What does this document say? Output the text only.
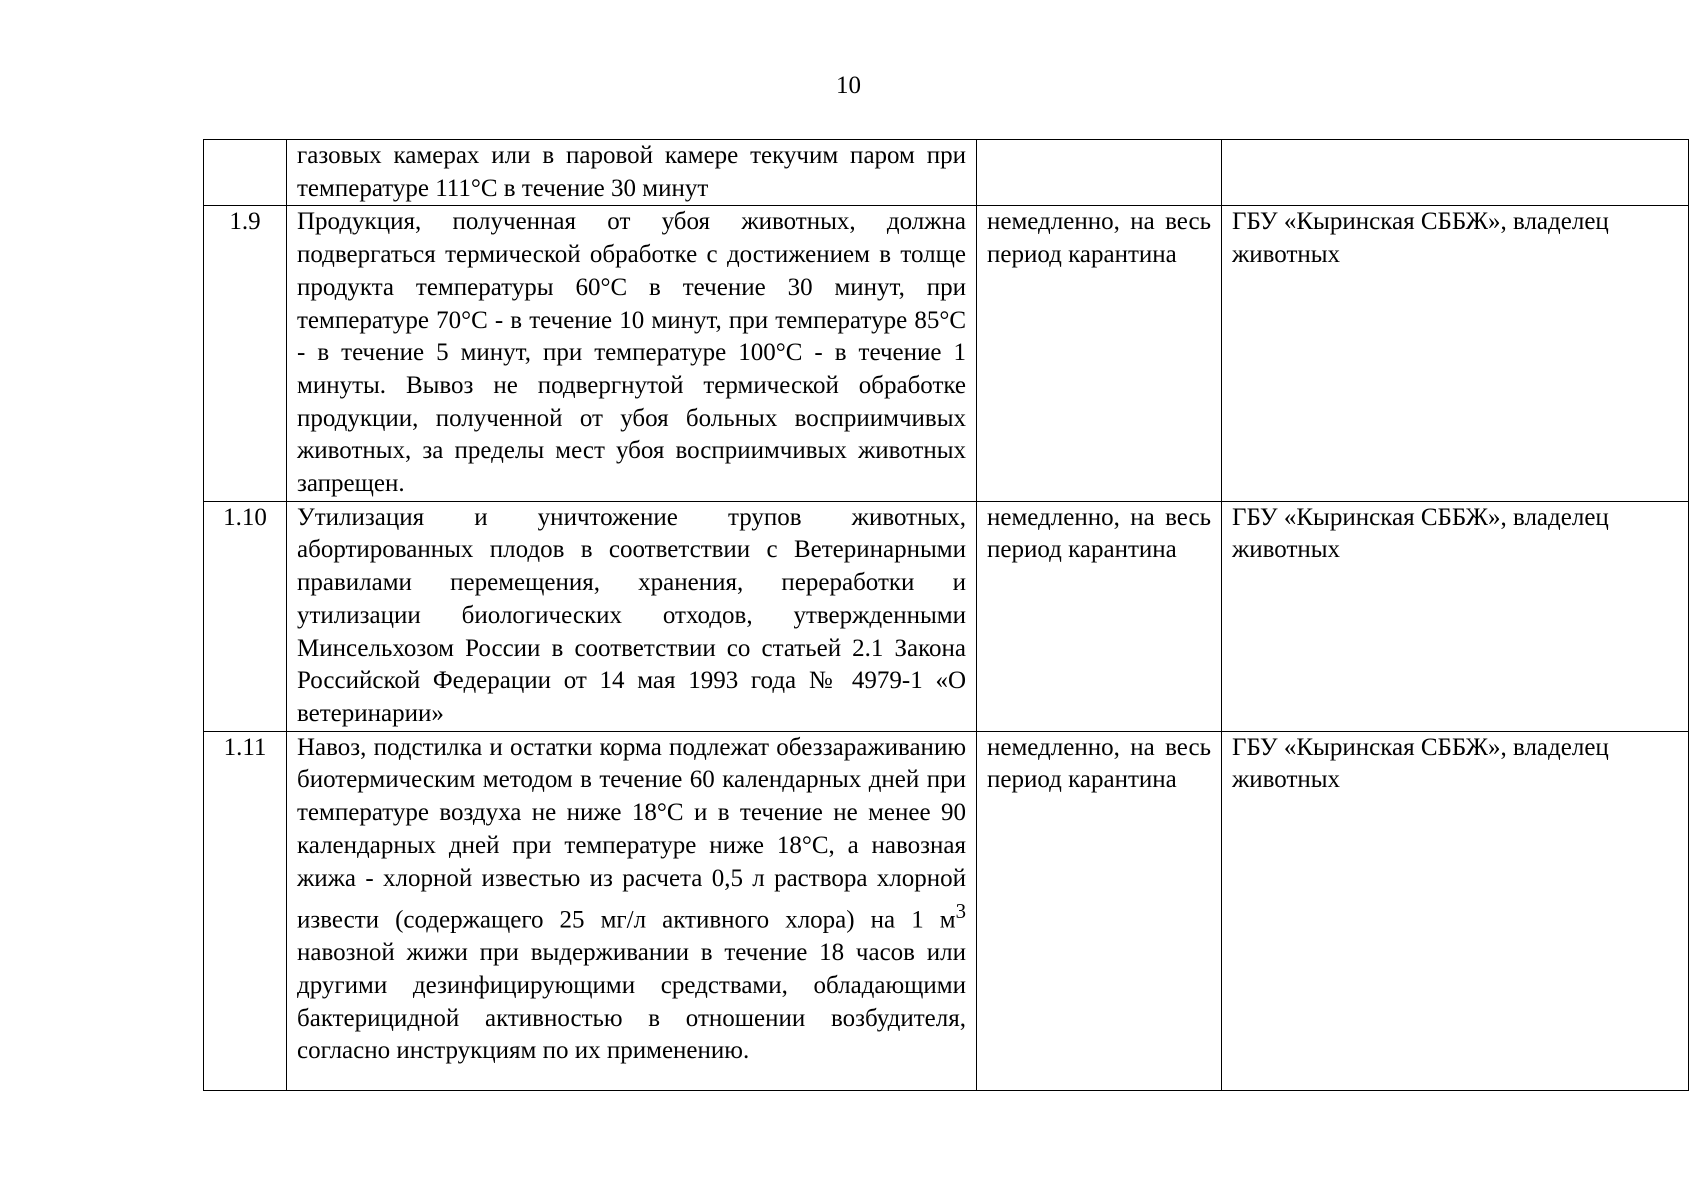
10
	газовых камерах или в паровой камере текучим паром при температуре 111°С в течение 30 минут		
1.9	Продукция, полученная от убоя животных, должна подвергаться термической обработке с достижением в толще продукта температуры 60°С в течение 30 минут, при температуре 70°С - в течение 10 минут, при температуре 85°С - в течение 5 минут, при температуре 100°С - в течение 1 минуты. Вывоз не подвергнутой термической обработке продукции, полученной от убоя больных восприимчивых животных, за пределы мест убоя восприимчивых животных запрещен.	немедленно, на весь период карантина	ГБУ «Кыринская СББЖ», владелец животных
1.10	Утилизация и уничтожение трупов животных, абортированных плодов в соответствии с Ветеринарными правилами перемещения, хранения, переработки и утилизации биологических отходов, утвержденными Минсельхозом России в соответствии со статьей 2.1 Закона Российской Федерации от 14 мая 1993 года № 4979-1 «О ветеринарии»	немедленно, на весь период карантина	ГБУ «Кыринская СББЖ», владелец животных
1.11	Навоз, подстилка и остатки корма подлежат обеззараживанию биотермическим методом в течение 60 календарных дней при температуре воздуха не ниже 18°С и в течение не менее 90 календарных дней при температуре ниже 18°С, а навозная жижа - хлорной известью из расчета 0,5 л раствора хлорной извести (содержащего 25 мг/л активного хлора) на 1 $м^3$ навозной жижи при выдерживании в течение 18 часов или другими дезинфицирующими средствами, обладающими бактерицидной активностью в отношении возбудителя, согласно инструкциям по их применению.	немедленно, на весь период карантина	ГБУ «Кыринская СББЖ», владелец животных
